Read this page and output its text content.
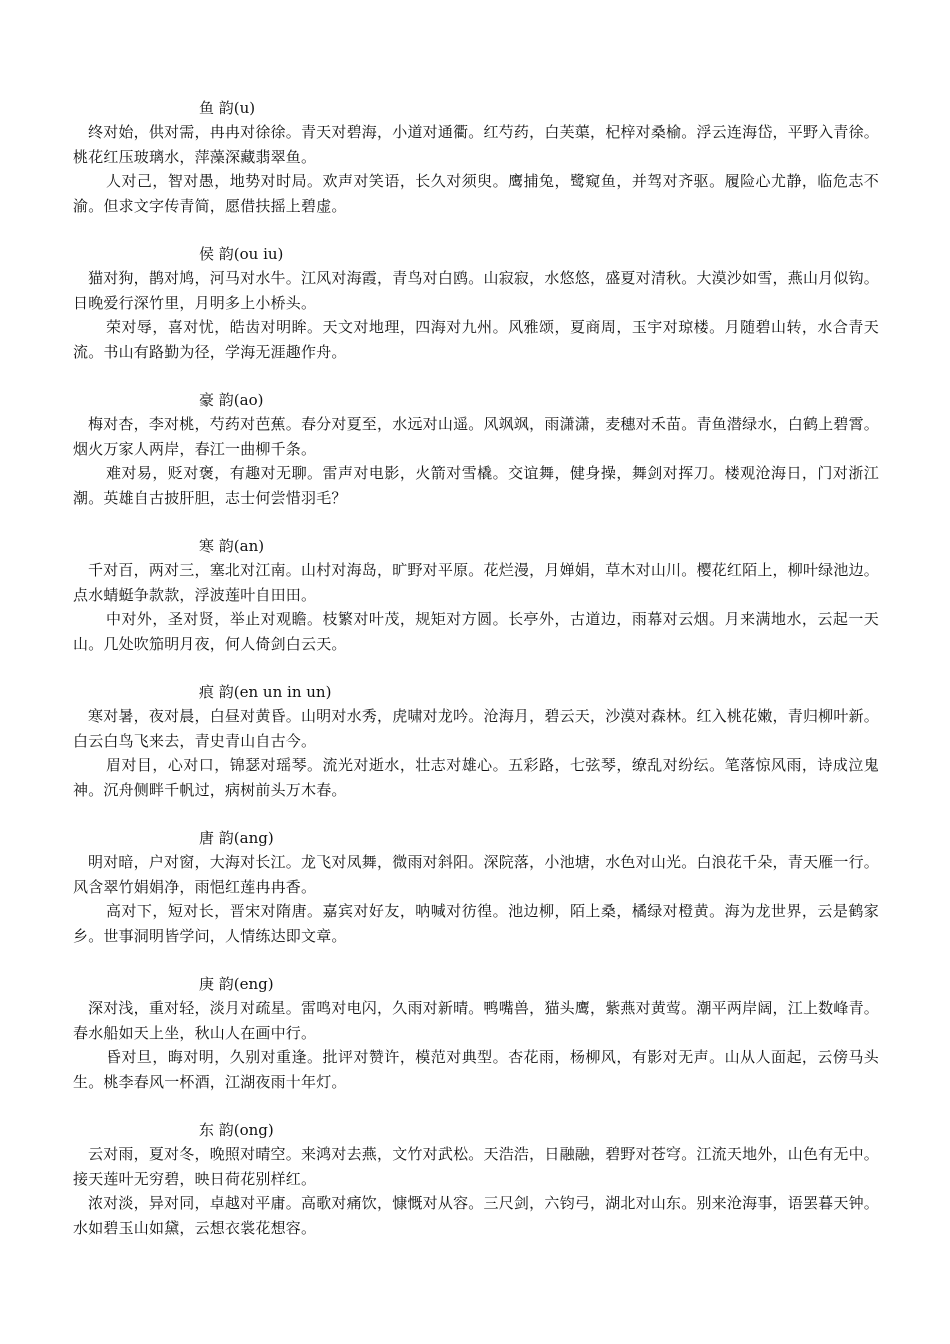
鱼 韵(u)

终对始，供对需，冉冉对徐徐。青天对碧海，小道对通衢。红芍药，白芙蕖，杞梓对桑榆。浮云连海岱，平野入青徐。桃花红压玻璃水，萍藻深藏翡翠鱼。

人对己，智对愚，地势对时局。欢声对笑语，长久对须臾。鹰捕兔，鹭窥鱼，并驾对齐驱。履险心尤静，临危志不渝。但求文字传青简，愿借扶摇上碧虚。

侯 韵(ou iu)

猫对狗，鹊对鸠，河马对水牛。江风对海霞，青鸟对白鸥。山寂寂，水悠悠，盛夏对清秋。大漠沙如雪，燕山月似钩。日晚爱行深竹里，月明多上小桥头。

荣对辱，喜对忧，皓齿对明眸。天文对地理，四海对九州。风雅颂，夏商周，玉宇对琼楼。月随碧山转，水合青天流。书山有路勤为径，学海无涯趣作舟。

豪 韵(ao)

梅对杏，李对桃，芍药对芭蕉。春分对夏至，水远对山遥。风飒飒，雨潇潇，麦穗对禾苗。青鱼潜绿水，白鹤上碧霄。烟火万家人两岸，春江一曲柳千条。

难对易，贬对褒，有趣对无聊。雷声对电影，火箭对雪橇。交谊舞，健身操，舞剑对挥刀。楼观沧海日，门对浙江潮。英雄自古披肝胆，志士何尝惜羽毛？

寒 韵(an)

千对百，两对三，塞北对江南。山村对海岛，旷野对平原。花烂漫，月婵娟，草木对山川。樱花红陌上，柳叶绿池边。点水蜻蜓争款款，浮波莲叶自田田。

中对外，圣对贤，举止对观瞻。枝繁对叶茂，规矩对方圆。长亭外，古道边，雨幕对云烟。月来满地水，云起一天山。几处吹笳明月夜，何人倚剑白云天。

痕 韵(en un in un)

寒对暑，夜对晨，白昼对黄昏。山明对水秀，虎啸对龙吟。沧海月，碧云天，沙漠对森林。红入桃花嫩，青归柳叶新。白云白鸟飞来去，青史青山自古今。

眉对目，心对口，锦瑟对瑶琴。流光对逝水，壮志对雄心。五彩路，七弦琴，缭乱对纷纭。笔落惊风雨，诗成泣鬼神。沉舟侧畔千帆过，病树前头万木春。

唐 韵(ang)

明对暗，户对窗，大海对长江。龙飞对凤舞，微雨对斜阳。深院落，小池塘，水色对山光。白浪花千朵，青天雁一行。风含翠竹娟娟净，雨悒红莲冉冉香。

高对下，短对长，晋宋对隋唐。嘉宾对好友，呐喊对彷徨。池边柳，陌上桑，橘绿对橙黄。海为龙世界，云是鹤家乡。世事洞明皆学问，人情练达即文章。

庚 韵(eng)

深对浅，重对轻，淡月对疏星。雷鸣对电闪，久雨对新晴。鸭嘴兽，猫头鹰，紫燕对黄莺。潮平两岸阔，江上数峰青。春水船如天上坐，秋山人在画中行。

昏对旦，晦对明，久别对重逢。批评对赞许，模范对典型。杏花雨，杨柳风，有影对无声。山从人面起，云傍马头生。桃李春风一杯酒，江湖夜雨十年灯。

东 韵(ong)

云对雨，夏对冬，晚照对晴空。来鸿对去燕，文竹对武松。天浩浩，日融融，碧野对苍穹。江流天地外，山色有无中。接天莲叶无穷碧，映日荷花别样红。

浓对淡，异对同，卓越对平庸。高歌对痛饮，慷慨对从容。三尺剑，六钧弓，湖北对山东。别来沧海事，语罢暮天钟。水如碧玉山如黛，云想衣裳花想容。
